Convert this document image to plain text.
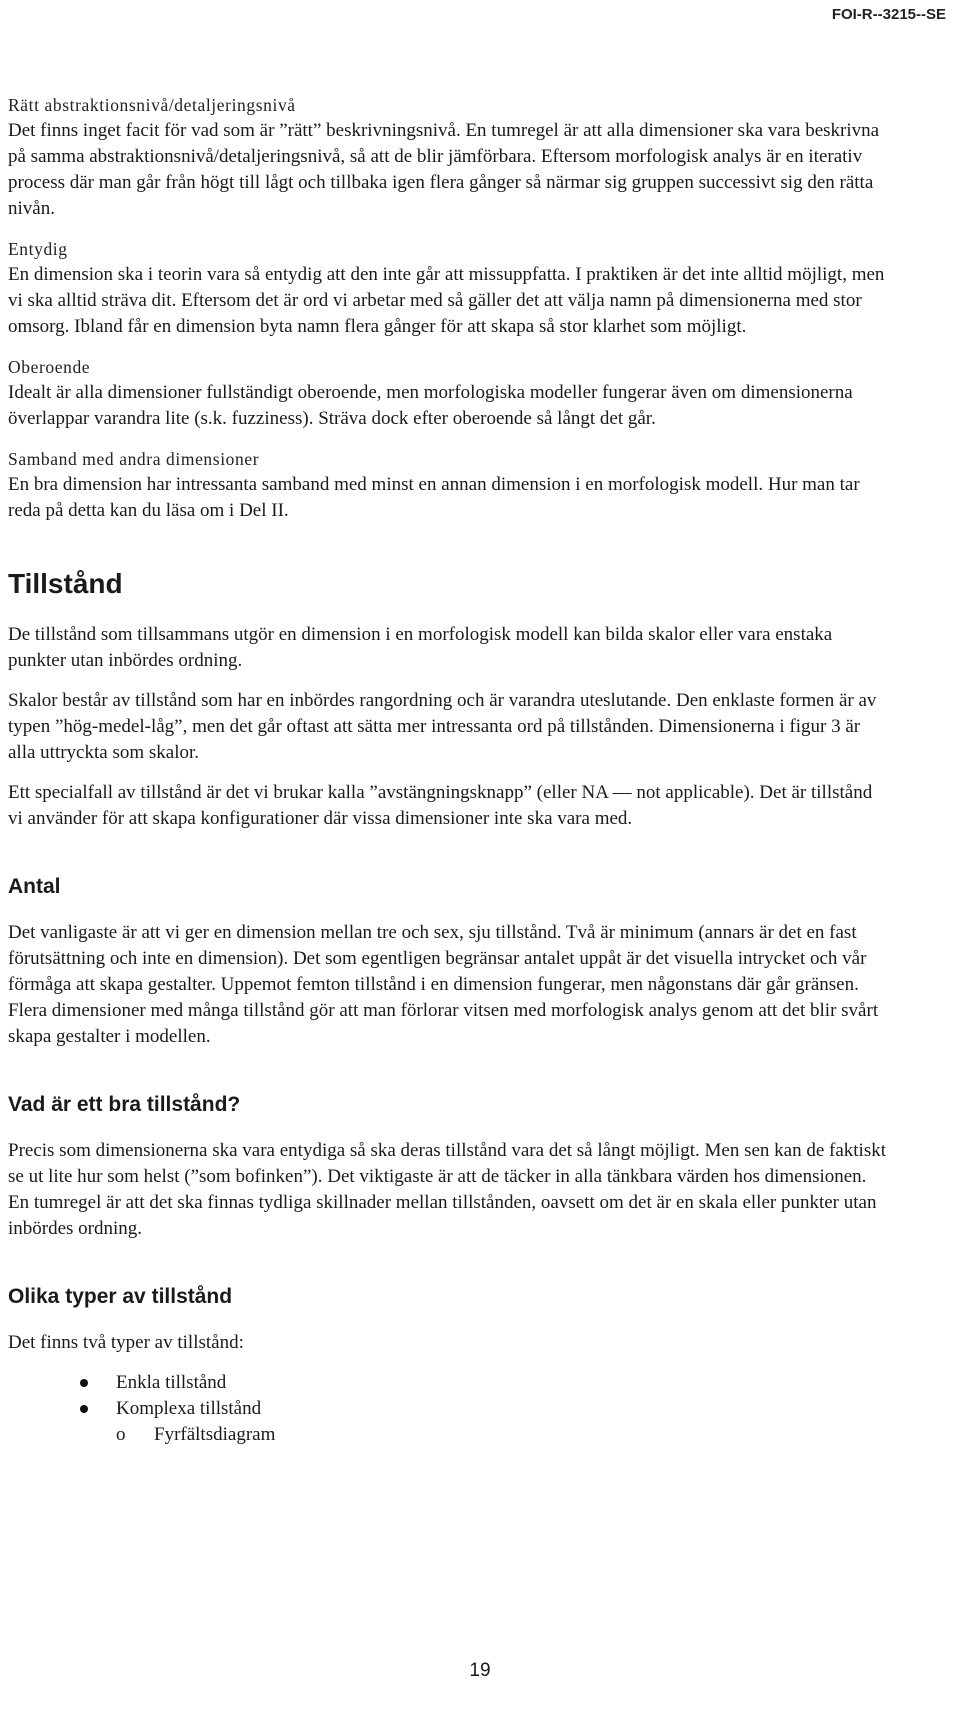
FOI-R--3215--SE
Rätt abstraktionsnivå/detaljeringsnivå

Det finns inget facit för vad som är ”rätt” beskrivningsnivå. En tumregel är att alla dimensioner ska vara beskrivna på samma abstraktionsnivå/detaljeringsnivå, så att de blir jämförbara. Eftersom morfologisk analys är en iterativ process där man går från högt till lågt och tillbaka igen flera gånger så närmar sig gruppen successivt sig den rätta nivån.

Entydig

En dimension ska i teorin vara så entydig att den inte går att missuppfatta. I praktiken är det inte alltid möjligt, men vi ska alltid sträva dit. Eftersom det är ord vi arbetar med så gäller det att välja namn på dimensionerna med stor omsorg. Ibland får en dimension byta namn flera gånger för att skapa så stor klarhet som möjligt.

Oberoende

Idealt är alla dimensioner fullständigt oberoende, men morfologiska modeller fungerar även om dimensionerna överlappar varandra lite (s.k. fuzziness). Sträva dock efter oberoende så långt det går.

Samband med andra dimensioner

En bra dimension har intressanta samband med minst en annan dimension i en morfologisk modell. Hur man tar reda på detta kan du läsa om i Del II.

Tillstånd

De tillstånd som tillsammans utgör en dimension i en morfologisk modell kan bilda skalor eller vara enstaka punkter utan inbördes ordning.

Skalor består av tillstånd som har en inbördes rangordning och är varandra uteslutande. Den enklaste formen är av typen ”hög-medel-låg”, men det går oftast att sätta mer intressanta ord på tillstånden. Dimensionerna i figur 3 är alla uttryckta som skalor.

Ett specialfall av tillstånd är det vi brukar kalla ”avstängningsknapp” (eller NA — not applicable). Det är tillstånd vi använder för att skapa konfigurationer där vissa dimensioner inte ska vara med.

Antal

Det vanligaste är att vi ger en dimension mellan tre och sex, sju tillstånd. Två är minimum (annars är det en fast förutsättning och inte en dimension). Det som egentligen begränsar antalet uppåt är det visuella intrycket och vår förmåga att skapa gestalter. Uppemot femton tillstånd i en dimension fungerar, men någonstans där går gränsen. Flera dimensioner med många tillstånd gör att man förlorar vitsen med morfologisk analys genom att det blir svårt skapa gestalter i modellen.

Vad är ett bra tillstånd?

Precis som dimensionerna ska vara entydiga så ska deras tillstånd vara det så långt möjligt. Men sen kan de faktiskt se ut lite hur som helst (”som bofinken”). Det viktigaste är att de täcker in alla tänkbara värden hos dimensionen. En tumregel är att det ska finnas tydliga skillnader mellan tillstånden, oavsett om det är en skala eller punkter utan inbördes ordning.

Olika typer av tillstånd

Det finns två typer av tillstånd:

Enkla tillstånd
Komplexa tillstånd
o Fyrfältsdiagram
19
